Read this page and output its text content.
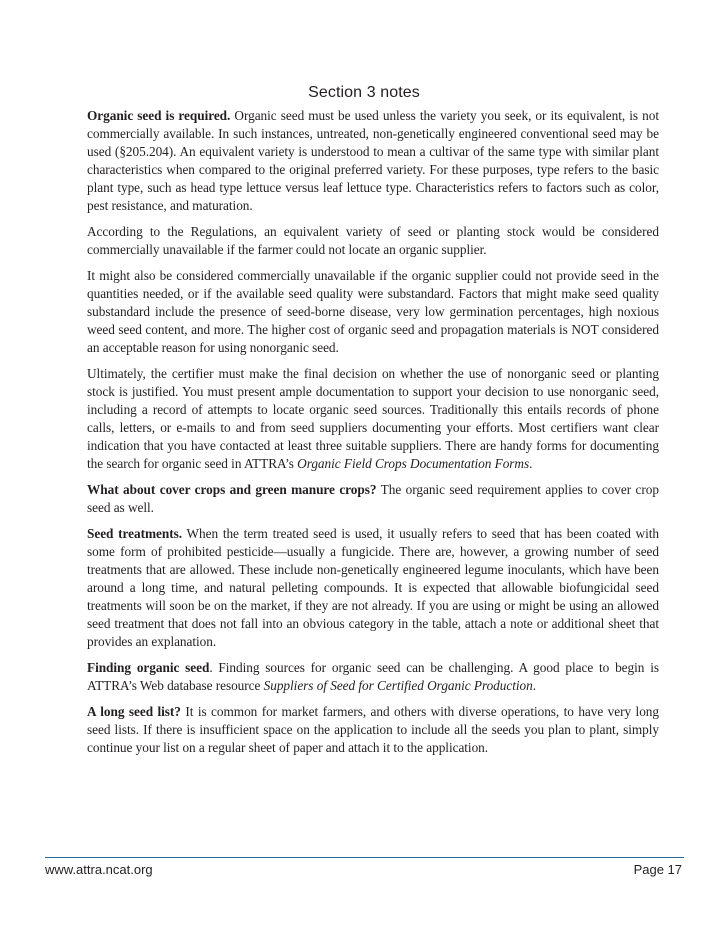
Section 3 notes

Organic seed is required. Organic seed must be used unless the variety you seek, or its equivalent, is not commercially available. In such instances, untreated, non-genetically engineered conventional seed may be used (§205.204). An equivalent variety is understood to mean a cultivar of the same type with similar plant characteristics when compared to the original preferred variety. For these purposes, type refers to the basic plant type, such as head type lettuce versus leaf lettuce type. Characteristics refers to factors such as color, pest resistance, and maturation.

According to the Regulations, an equivalent variety of seed or planting stock would be considered commercially unavailable if the farmer could not locate an organic supplier.

It might also be considered commercially unavailable if the organic supplier could not provide seed in the quantities needed, or if the available seed quality were substandard. Factors that might make seed quality substandard include the presence of seed-borne disease, very low germination percentages, high noxious weed seed content, and more. The higher cost of organic seed and propagation materials is NOT considered an acceptable reason for using nonorganic seed.

Ultimately, the certifier must make the final decision on whether the use of nonorganic seed or planting stock is justified. You must present ample documentation to support your decision to use nonorganic seed, including a record of attempts to locate organic seed sources. Traditionally this entails records of phone calls, letters, or e-mails to and from seed suppliers documenting your efforts. Most certifiers want clear indication that you have contacted at least three suitable suppliers. There are handy forms for documenting the search for organic seed in ATTRA’s Organic Field Crops Documentation Forms.

What about cover crops and green manure crops? The organic seed requirement applies to cover crop seed as well.

Seed treatments. When the term treated seed is used, it usually refers to seed that has been coated with some form of prohibited pesticide—usually a fungicide. There are, however, a growing number of seed treatments that are allowed. These include non-genetically engineered legume inoculants, which have been around a long time, and natural pelleting compounds. It is expected that allowable biofungicidal seed treatments will soon be on the market, if they are not already. If you are using or might be using an allowed seed treatment that does not fall into an obvious category in the table, attach a note or additional sheet that provides an explanation.

Finding organic seed. Finding sources for organic seed can be challenging. A good place to begin is ATTRA’s Web database resource Suppliers of Seed for Certified Organic Production.

A long seed list? It is common for market farmers, and others with diverse operations, to have very long seed lists. If there is insufficient space on the application to include all the seeds you plan to plant, simply continue your list on a regular sheet of paper and attach it to the application.

www.attra.ncat.org	Page 17
